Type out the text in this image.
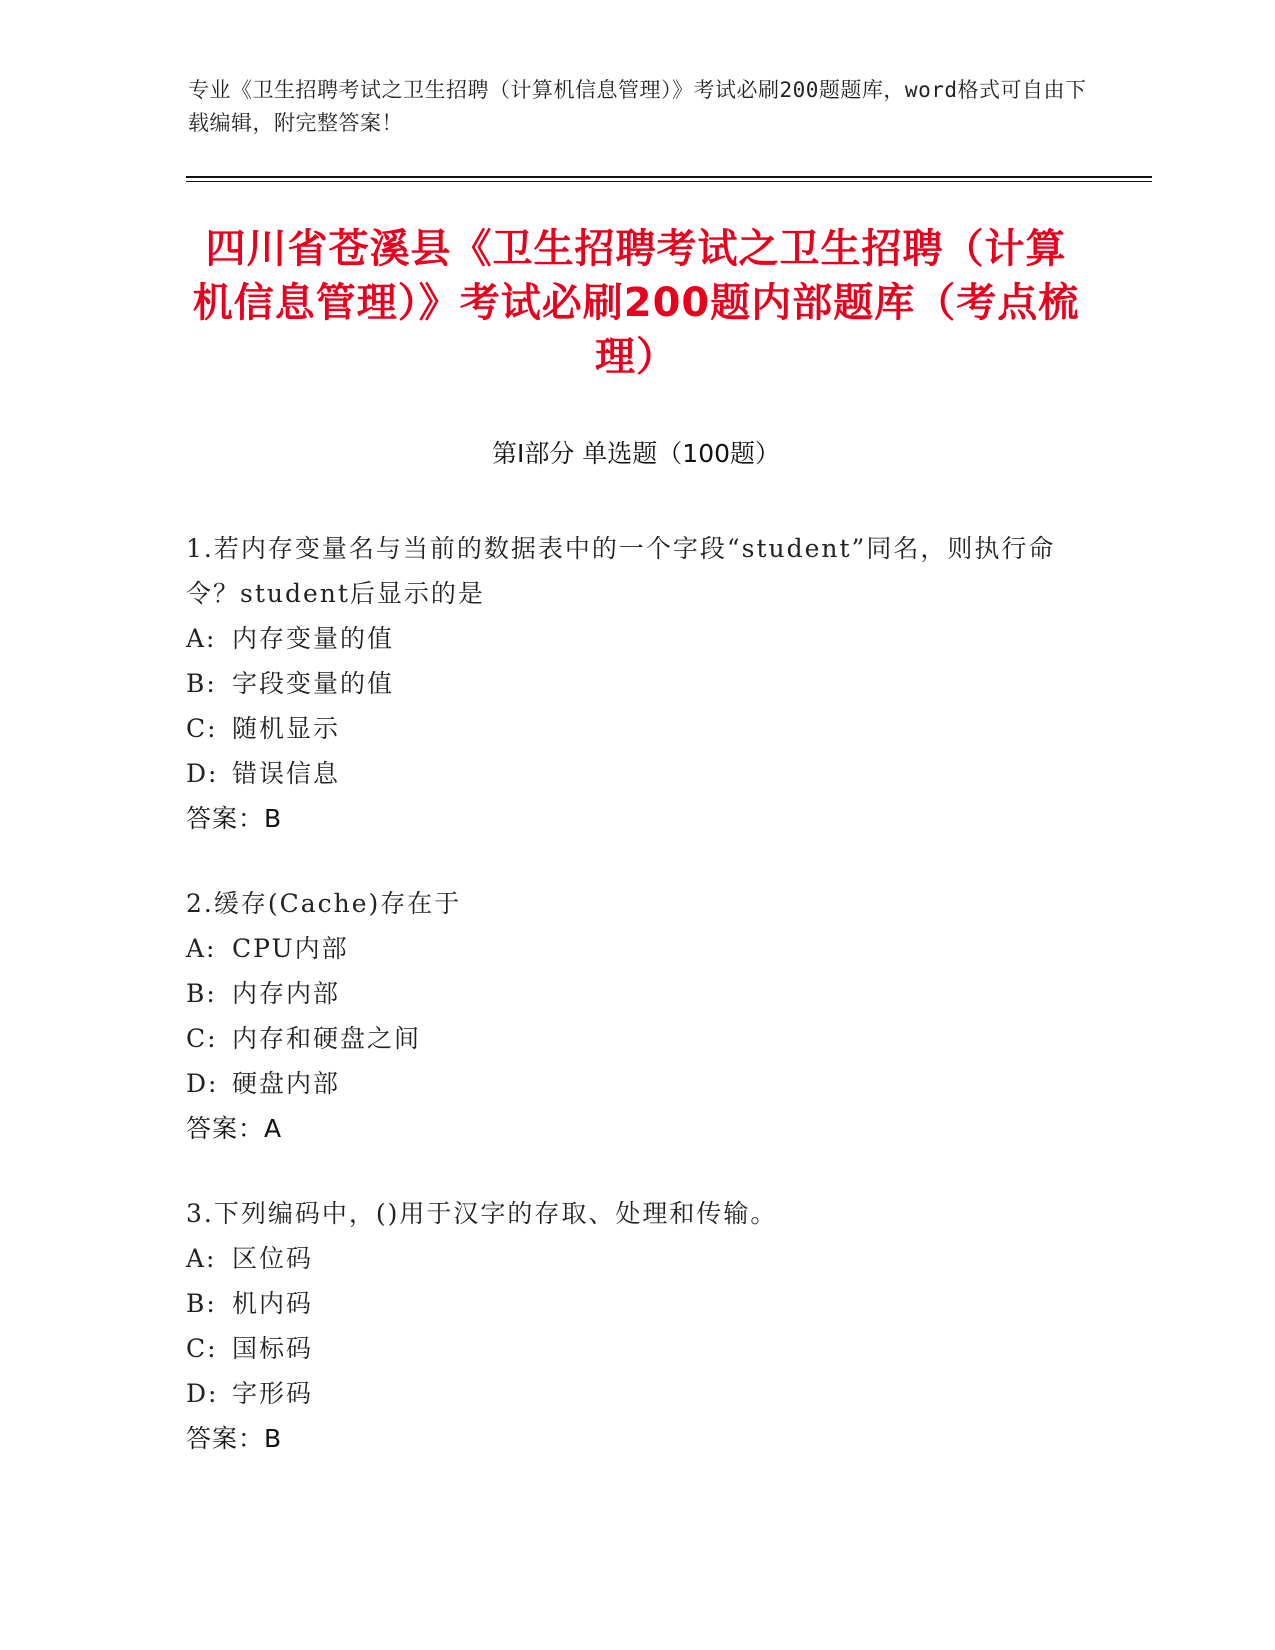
专业《卫生招聘考试之卫生招聘（计算机信息管理）》考试必刷200题题库，word格式可自由下载编辑，附完整答案！
四川省苍溪县《卫生招聘考试之卫生招聘（计算机信息管理）》考试必刷200题内部题库（考点梳理）
第I部分 单选题（100题）
1.若内存变量名与当前的数据表中的一个字段“student”同名，则执行命令？student后显示的是
A: 内存变量的值
B: 字段变量的值
C: 随机显示
D: 错误信息
答案：B
2.缓存(Cache)存在于
A: CPU内部
B: 内存内部
C: 内存和硬盘之间
D: 硬盘内部
答案：A
3.下列编码中，()用于汉字的存取、处理和传输。
A: 区位码
B: 机内码
C: 国标码
D: 字形码
答案：B
